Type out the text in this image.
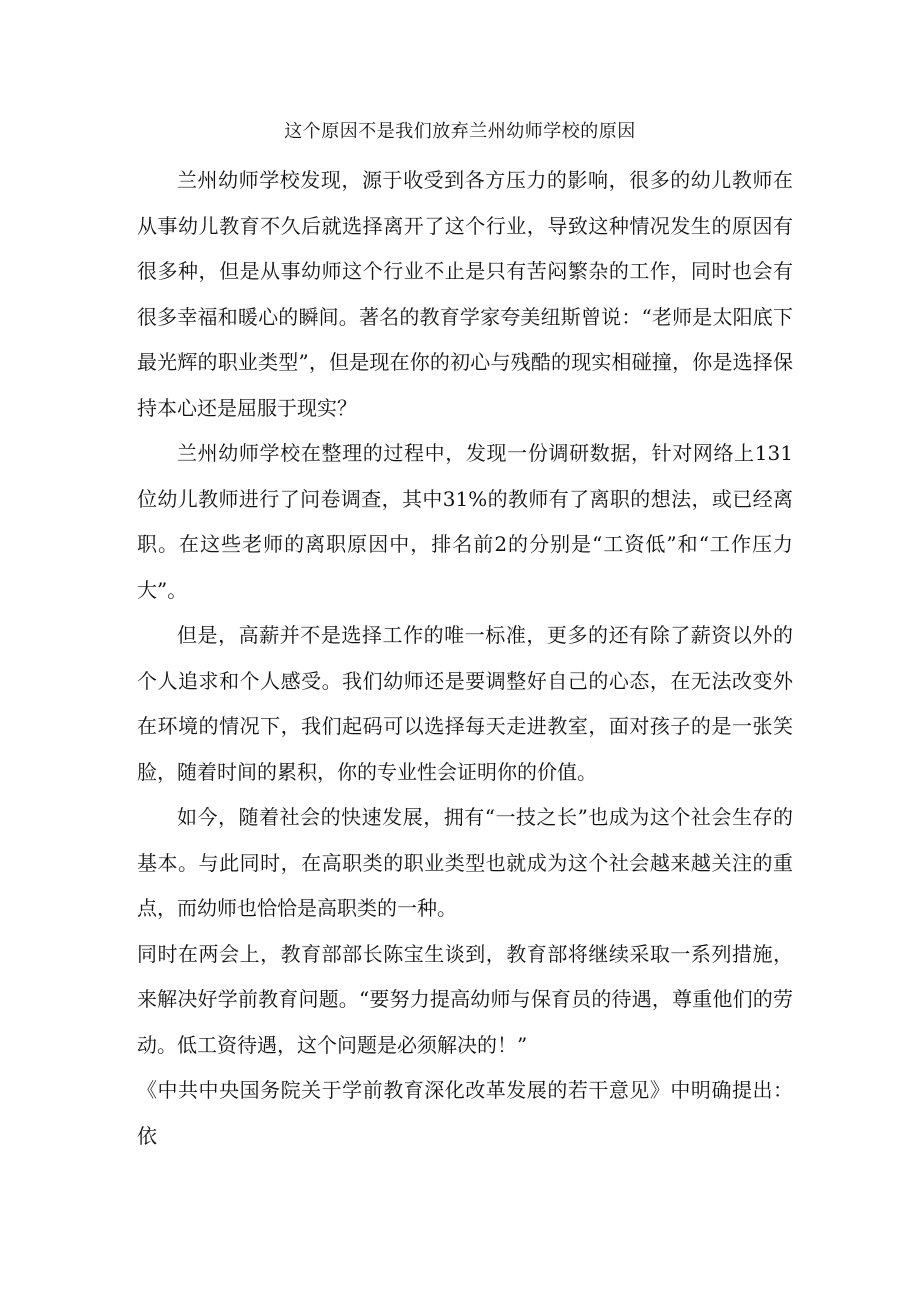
这个原因不是我们放弃兰州幼师学校的原因

兰州幼师学校发现，源于收受到各方压力的影响，很多的幼儿教师在从事幼儿教育不久后就选择离开了这个行业，导致这种情况发生的原因有很多种，但是从事幼师这个行业不止是只有苦闷繁杂的工作，同时也会有很多幸福和暖心的瞬间。著名的教育学家夸美纽斯曾说：“老师是太阳底下最光辉的职业类型”，但是现在你的初心与残酷的现实相碰撞，你是选择保持本心还是屈服于现实？

兰州幼师学校在整理的过程中，发现一份调研数据，针对网络上131位幼儿教师进行了问卷调查，其中31%的教师有了离职的想法，或已经离职。在这些老师的离职原因中，排名前2的分别是“工资低”和“工作压力大”。

但是，高薪并不是选择工作的唯一标准，更多的还有除了薪资以外的个人追求和个人感受。我们幼师还是要调整好自己的心态，在无法改变外在环境的情况下，我们起码可以选择每天走进教室，面对孩子的是一张笑脸，随着时间的累积，你的专业性会证明你的价值。

如今，随着社会的快速发展，拥有“一技之长”也成为这个社会生存的基本。与此同时，在高职类的职业类型也就成为这个社会越来越关注的重点，而幼师也恰恰是高职类的一种。

同时在两会上，教育部部长陈宝生谈到，教育部将继续采取一系列措施，来解决好学前教育问题。“要努力提高幼师与保育员的待遇，尊重他们的劳动。低工资待遇，这个问题是必须解决的！”

《中共中央国务院关于学前教育深化改革发展的若干意见》中明确提出：依
